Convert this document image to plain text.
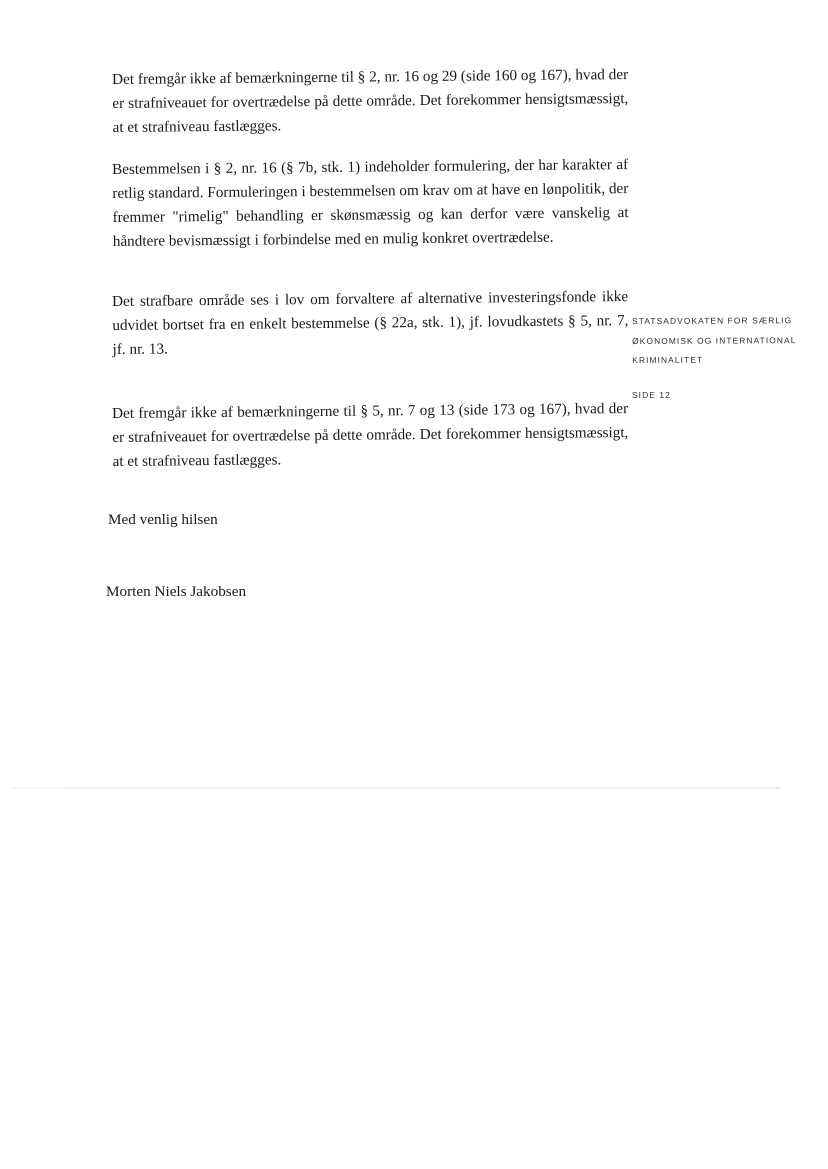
Det fremgår ikke af bemærkningerne til § 2, nr. 16 og 29 (side 160 og 167), hvad der er strafniveauet for overtrædelse på dette område. Det forekommer hensigtsmæssigt, at et strafniveau fastlægges.

Bestemmelsen i § 2, nr. 16 (§ 7b, stk. 1) indeholder formulering, der har karakter af retlig standard. Formuleringen i bestemmelsen om krav om at have en lønpolitik, der fremmer "rimelig" behandling er skønsmæssig og kan derfor være vanskelig at håndtere bevismæssigt i forbindelse med en mulig konkret overtrædelse.

Det strafbare område ses i lov om forvaltere af alternative investeringsfonde ikke udvidet bortset fra en enkelt bestemmelse (§ 22a, stk. 1), jf. lovudkastets § 5, nr. 7, jf. nr. 13.

Det fremgår ikke af bemærkningerne til § 5, nr. 7 og 13 (side 173 og 167), hvad der er strafniveauet for overtrædelse på dette område. Det forekommer hensigtsmæssigt, at et strafniveau fastlægges.

Med venlig hilsen

Morten Niels Jakobsen

STATSADVOKATEN FOR SÆRLIG
ØKONOMISK OG INTERNATIONAL
KRIMINALITET
SIDE 12
